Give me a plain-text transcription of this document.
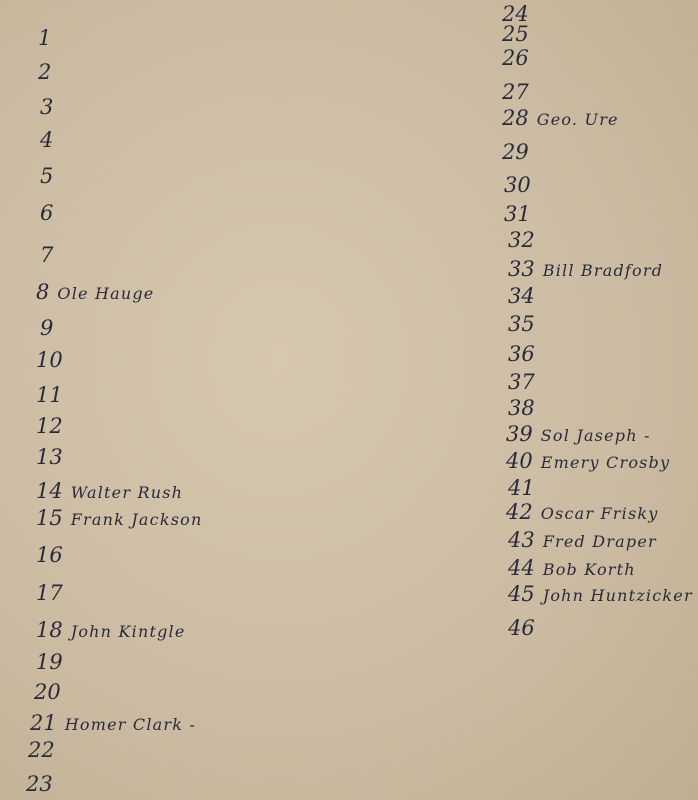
1
2
3
4
5
6
7
8 Ole Hauge
9
10
11
12
13
14 Walter Rush
15 Frank Jackson
16
17
18 John Kintgle
19
20
21 Homer Clark -
22
23
24
25
26
27
28 Geo. Ure
29
30
31
32
33 Bill Bradford
34
35
36
37
38
39 Sol Jaseph -
40 Emery Crosby
41
42 Oscar Frisky
43 Fred Draper
44 Bob Korth
45 John Huntzicker
46
